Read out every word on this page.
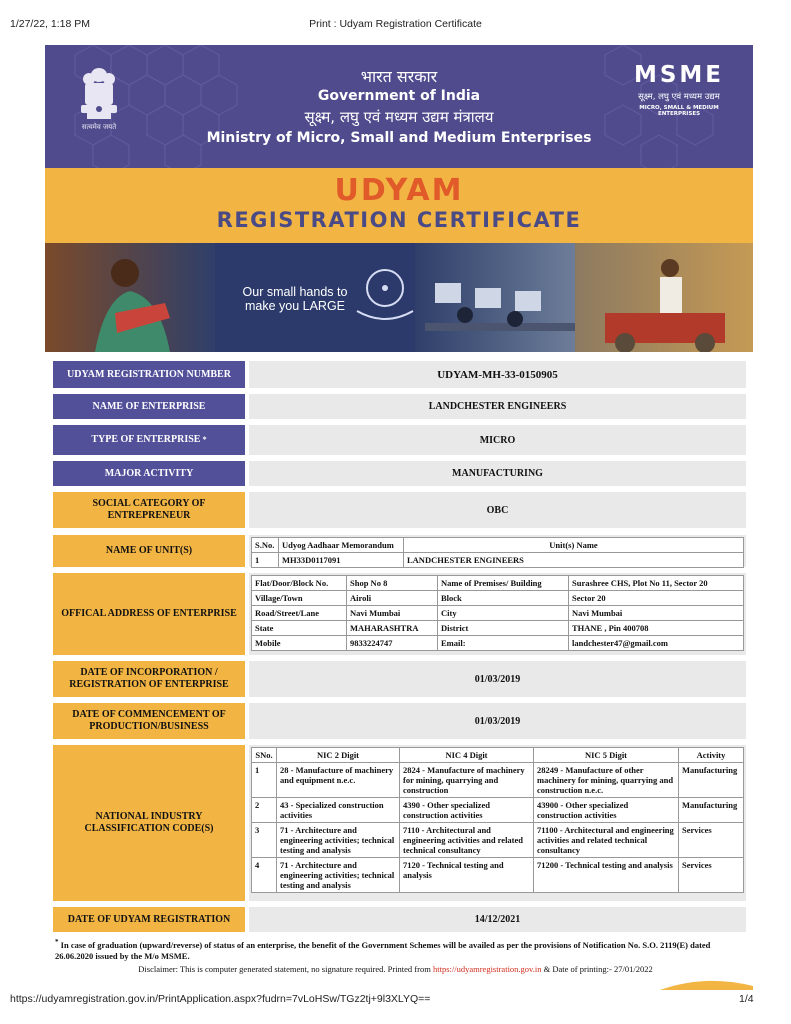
1/27/22, 1:18 PM	Print : Udyam Registration Certificate
सत्यमेव जयते
भारत सरकार
Government of India
सूक्ष्म, लघु एवं मध्यम उद्यम मंत्रालय
Ministry of Micro, Small and Medium Enterprises
MSME
सूक्ष्म, लघु एवं मध्यम उद्यम
MICRO, SMALL & MEDIUM ENTERPRISES
UDYAM
REGISTRATION CERTIFICATE
Our small hands to
make you LARGE
UDYAM REGISTRATION NUMBER	UDYAM-MH-33-0150905
NAME OF ENTERPRISE	LANDCHESTER ENGINEERS
TYPE OF ENTERPRISE *	MICRO
MAJOR ACTIVITY	MANUFACTURING
SOCIAL CATEGORY OF ENTREPRENEUR	OBC
NAME OF UNIT(S)	S.No.	Udyog Aadhaar Memorandum	Unit(s) Name
1	MH33D0117091	LANDCHESTER ENGINEERS
OFFICAL ADDRESS OF ENTERPRISE
Flat/Door/Block No.	Shop No 8	Name of Premises/ Building	Surashree CHS, Plot No 11, Sector 20
Village/Town	Airoli	Block	Sector 20
Road/Street/Lane	Navi Mumbai	City	Navi Mumbai
State	MAHARASHTRA	District	THANE , Pin 400708
Mobile	9833224747	Email:	landchester47@gmail.com
DATE OF INCORPORATION / REGISTRATION OF ENTERPRISE	01/03/2019
DATE OF COMMENCEMENT OF PRODUCTION/BUSINESS	01/03/2019
NATIONAL INDUSTRY CLASSIFICATION CODE(S)
SNo.	NIC 2 Digit	NIC 4 Digit	NIC 5 Digit	Activity
1	28 - Manufacture of machinery and equipment n.e.c.	2824 - Manufacture of machinery for mining, quarrying and construction	28249 - Manufacture of other machinery for mining, quarrying and construction n.e.c.	Manufacturing
2	43 - Specialized construction activities	4390 - Other specialized construction activities	43900 - Other specialized construction activities	Manufacturing
3	71 - Architecture and engineering activities; technical testing and analysis	7110 - Architectural and engineering activities and related technical consultancy	71100 - Architectural and engineering activities and related technical consultancy	Services
4	71 - Architecture and engineering activities; technical testing and analysis	7120 - Technical testing and analysis	71200 - Technical testing and analysis	Services
DATE OF UDYAM REGISTRATION	14/12/2021
* In case of graduation (upward/reverse) of status of an enterprise, the benefit of the Government Schemes will be availed as per the provisions of Notification No. S.O. 2119(E) dated 26.06.2020 issued by the M/o MSME.
Disclaimer: This is computer generated statement, no signature required. Printed from https://udyamregistration.gov.in & Date of printing:- 27/01/2022
https://udyamregistration.gov.in/PrintApplication.aspx?fudrn=7vLoHSw/TGz2tj+9l3XLYQ==	1/4
